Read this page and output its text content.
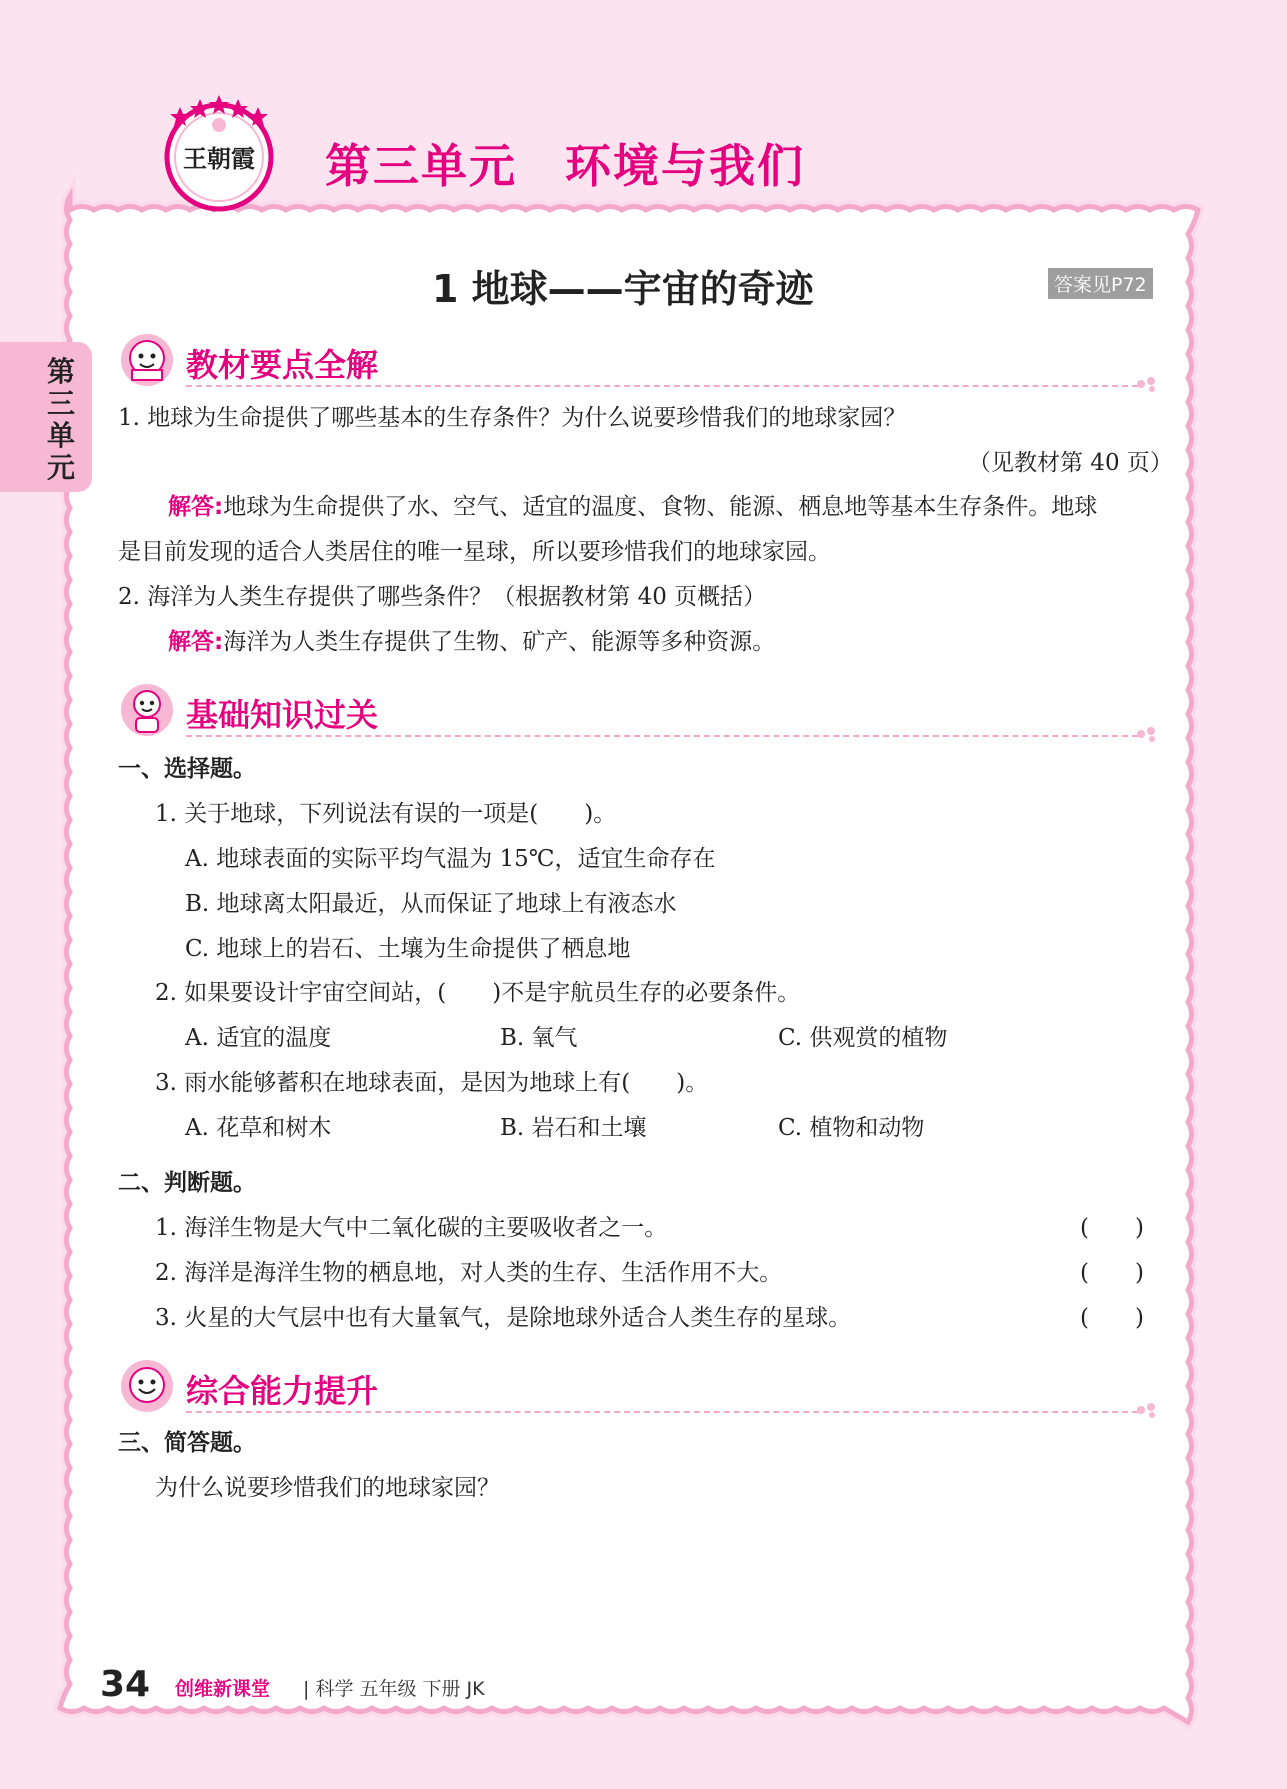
王朝霞 第三单元 环境与我们
第三单元
1 地球——宇宙的奇迹	答案见P72
教材要点全解
1. 地球为生命提供了哪些基本的生存条件？为什么说要珍惜我们的地球家园？
（见教材第 40 页）
解答:地球为生命提供了水、空气、适宜的温度、食物、能源、栖息地等基本生存条件。地球
是目前发现的适合人类居住的唯一星球，所以要珍惜我们的地球家园。
2. 海洋为人类生存提供了哪些条件？（根据教材第 40 页概括）
解答:海洋为人类生存提供了生物、矿产、能源等多种资源。
基础知识过关
一、选择题。
1. 关于地球，下列说法有误的一项是(　　)。
A. 地球表面的实际平均气温为 15℃，适宜生命存在
B. 地球离太阳最近，从而保证了地球上有液态水
C. 地球上的岩石、土壤为生命提供了栖息地
2. 如果要设计宇宙空间站，(　　)不是宇航员生存的必要条件。
A. 适宜的温度	B. 氧气	C. 供观赏的植物
3. 雨水能够蓄积在地球表面，是因为地球上有(　　)。
A. 花草和树木	B. 岩石和土壤	C. 植物和动物
二、判断题。
1. 海洋生物是大气中二氧化碳的主要吸收者之一。	(　　)
2. 海洋是海洋生物的栖息地，对人类的生存、生活作用不大。	(　　)
3. 火星的大气层中也有大量氧气，是除地球外适合人类生存的星球。	(　　)
综合能力提升
三、简答题。
为什么说要珍惜我们的地球家园？
34 创维新课堂 | 科学 五年级 下册 JK
